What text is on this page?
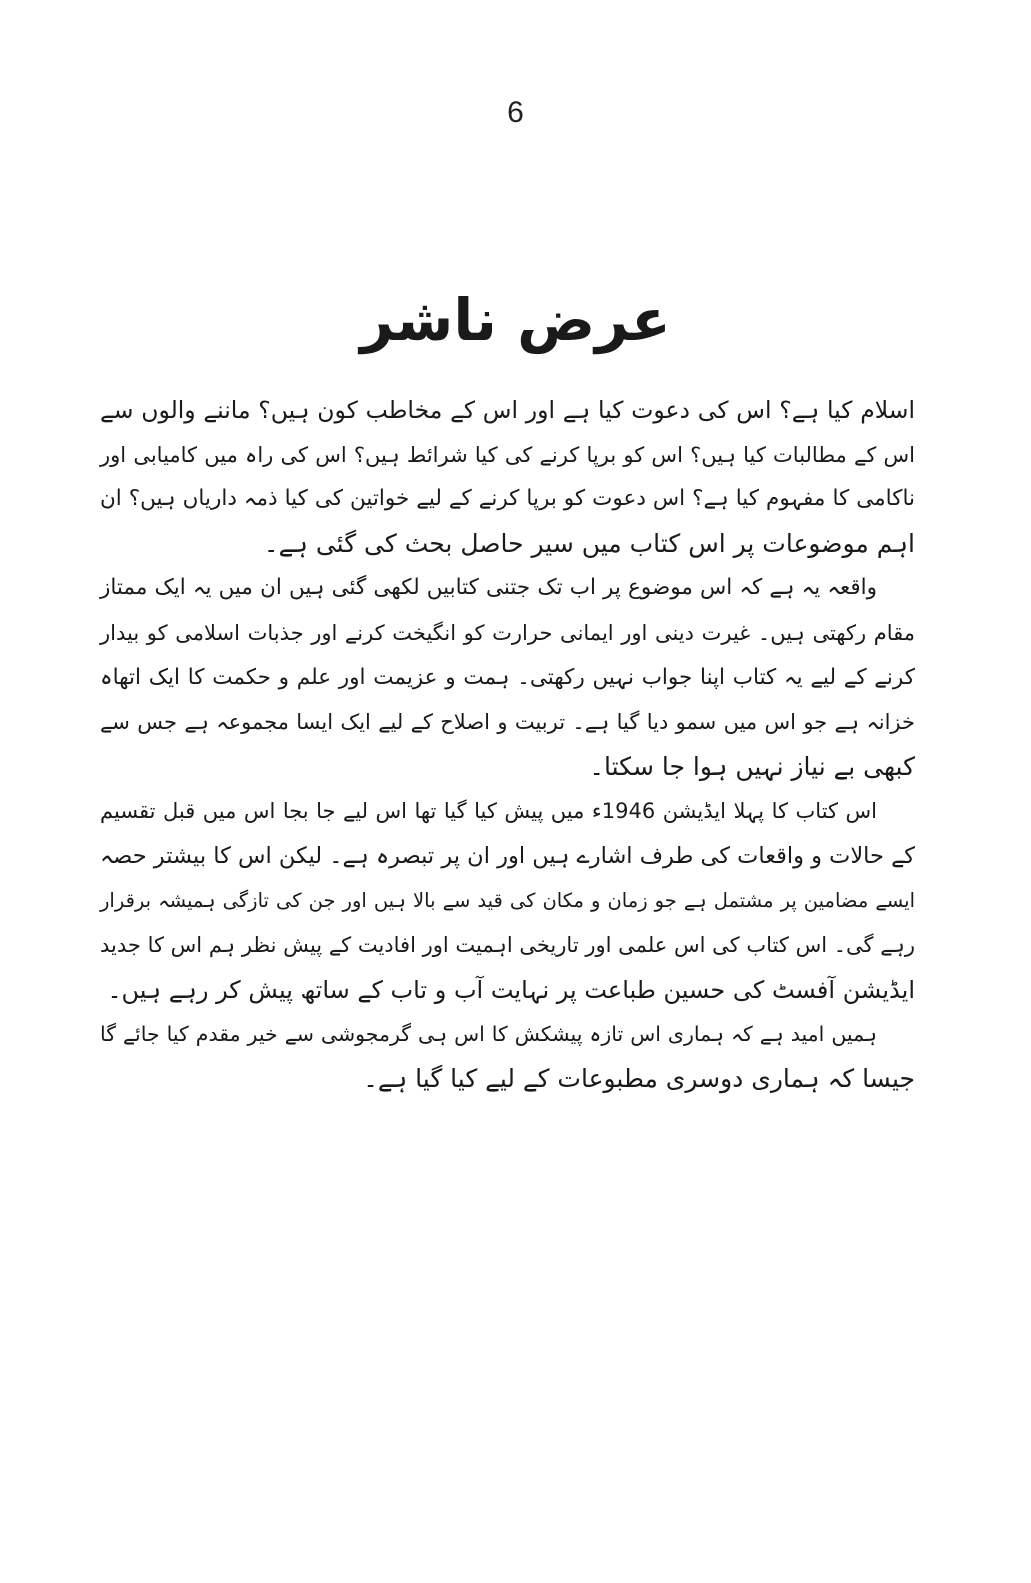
6
عرض ناشر

اسلام کیا ہے؟ اس کی دعوت کیا ہے اور اس کے مخاطب کون ہیں؟ ماننے والوں سے
اس کے مطالبات کیا ہیں؟ اس کو برپا کرنے کی کیا شرائط ہیں؟ اس کی راہ میں کامیابی اور
ناکامی کا مفہوم کیا ہے؟ اس دعوت کو برپا کرنے کے لیے خواتین کی کیا ذمہ داریاں ہیں؟ ان
اہم موضوعات پر اس کتاب میں سیر حاصل بحث کی گئی ہے۔

واقعہ یہ ہے کہ اس موضوع پر اب تک جتنی کتابیں لکھی گئی ہیں ان میں یہ ایک ممتاز
مقام رکھتی ہیں۔ غیرت دینی اور ایمانی حرارت کو انگیخت کرنے اور جذبات اسلامی کو بیدار
کرنے کے لیے یہ کتاب اپنا جواب نہیں رکھتی۔ ہمت و عزیمت اور علم و حکمت کا ایک اتھاہ
خزانہ ہے جو اس میں سمو دیا گیا ہے۔ تربیت و اصلاح کے لیے ایک ایسا مجموعہ ہے جس سے
کبھی بے نیاز نہیں ہوا جا سکتا۔

اس کتاب کا پہلا ایڈیشن 1946ء میں پیش کیا گیا تھا اس لیے جا بجا اس میں قبل تقسیم
کے حالات و واقعات کی طرف اشارے ہیں اور ان پر تبصرہ ہے۔ لیکن اس کا بیشتر حصہ
ایسے مضامین پر مشتمل ہے جو زمان و مکان کی قید سے بالا ہیں اور جن کی تازگی ہمیشہ برقرار
رہے گی۔ اس کتاب کی اس علمی اور تاریخی اہمیت اور افادیت کے پیش نظر ہم اس کا جدید
ایڈیشن آفسٹ کی حسین طباعت پر نہایت آب و تاب کے ساتھ پیش کر رہے ہیں۔

ہمیں امید ہے کہ ہماری اس تازہ پیشکش کا اس ہی گرمجوشی سے خیر مقدم کیا جائے گا
جیسا کہ ہماری دوسری مطبوعات کے لیے کیا گیا ہے۔
